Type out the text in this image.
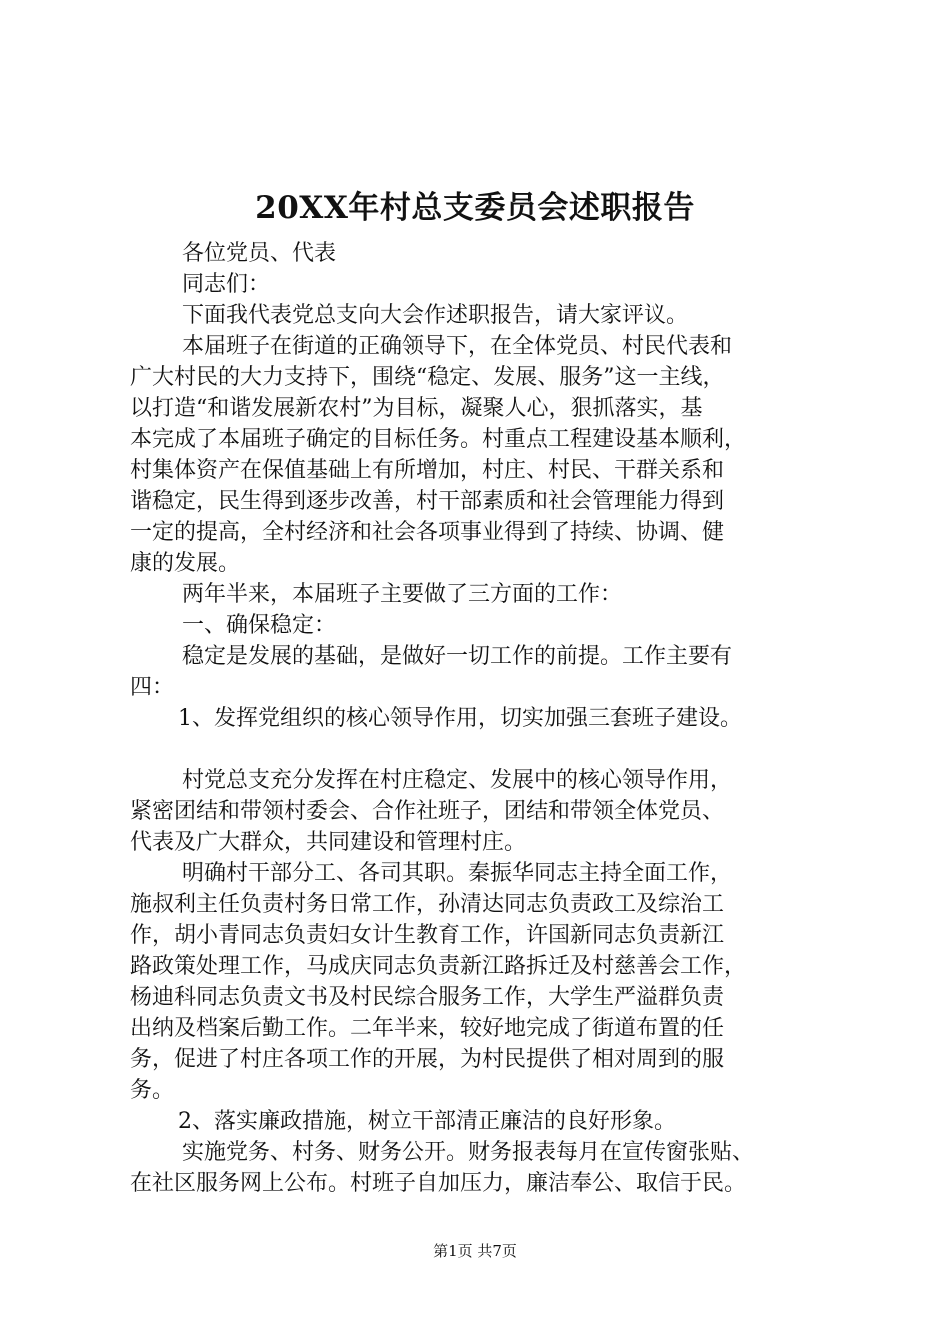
20XX年村总支委员会述职报告
各位党员、代表
同志们：
下面我代表党总支向大会作述职报告，请大家评议。
本届班子在街道的正确领导下，在全体党员、村民代表和
广大村民的大力支持下，围绕“稳定、发展、服务”这一主线，
以打造“和谐发展新农村”为目标，凝聚人心，狠抓落实，基
本完成了本届班子确定的目标任务。村重点工程建设基本顺利，
村集体资产在保值基础上有所增加，村庄、村民、干群关系和
谐稳定，民生得到逐步改善，村干部素质和社会管理能力得到
一定的提高，全村经济和社会各项事业得到了持续、协调、健
康的发展。
两年半来，本届班子主要做了三方面的工作：
一、确保稳定：
稳定是发展的基础，是做好一切工作的前提。工作主要有
四：
1、发挥党组织的核心领导作用，切实加强三套班子建设。
村党总支充分发挥在村庄稳定、发展中的核心领导作用，
紧密团结和带领村委会、合作社班子，团结和带领全体党员、
代表及广大群众，共同建设和管理村庄。
明确村干部分工、各司其职。秦振华同志主持全面工作，
施叔利主任负责村务日常工作，孙清达同志负责政工及综治工
作，胡小青同志负责妇女计生教育工作，许国新同志负责新江
路政策处理工作，马成庆同志负责新江路拆迁及村慈善会工作，
杨迪科同志负责文书及村民综合服务工作，大学生严溢群负责
出纳及档案后勤工作。二年半来，较好地完成了街道布置的任
务，促进了村庄各项工作的开展，为村民提供了相对周到的服
务。
2、落实廉政措施，树立干部清正廉洁的良好形象。
实施党务、村务、财务公开。财务报表每月在宣传窗张贴、
在社区服务网上公布。村班子自加压力，廉洁奉公、取信于民。
第1页 共7页
